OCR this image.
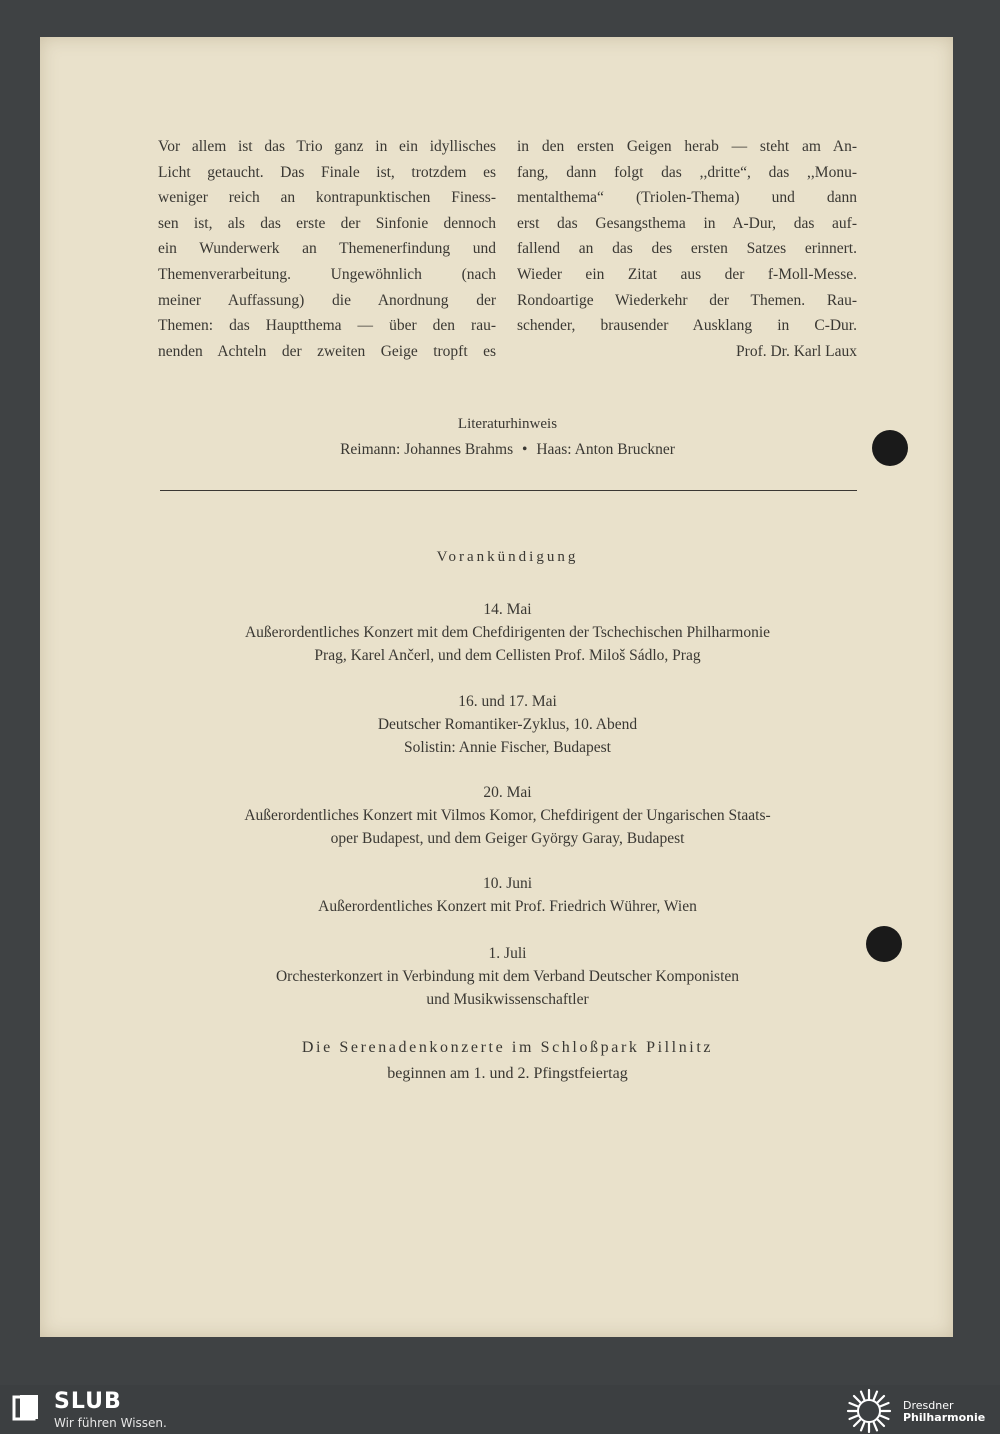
Vor allem ist das Trio ganz in ein idyllisches

Licht getaucht. Das Finale ist, trotzdem es

weniger reich an kontrapunktischen Finess-

sen ist, als das erste der Sinfonie dennoch

ein Wunderwerk an Themenerfindung und

Themenverarbeitung. Ungewöhnlich (nach

meiner Auffassung) die Anordnung der

Themen: das Hauptthema — über den rau-

nenden Achteln der zweiten Geige tropft es

in den ersten Geigen herab — steht am An-

fang, dann folgt das ,,dritte“, das ,,Monu-

mentalthema“ (Triolen-Thema) und dann

erst das Gesangsthema in A-Dur, das auf-

fallend an das des ersten Satzes erinnert.

Wieder ein Zitat aus der f-Moll-Messe.

Rondoartige Wiederkehr der Themen. Rau-

schender, brausender Ausklang in C-Dur.

Prof. Dr. Karl Laux

Literaturhinweis
Reimann: Johannes Brahms • Haas: Anton Bruckner
Vorankündigung
14. Mai
Außerordentliches Konzert mit dem Chefdirigenten der Tschechischen Philharmonie
Prag, Karel Ančerl, und dem Cellisten Prof. Miloš Sádlo, Prag
16. und 17. Mai
Deutscher Romantiker-Zyklus, 10. Abend
Solistin: Annie Fischer, Budapest
20. Mai
Außerordentliches Konzert mit Vilmos Komor, Chefdirigent der Ungarischen Staats-
oper Budapest, und dem Geiger György Garay, Budapest
10. Juni
Außerordentliches Konzert mit Prof. Friedrich Wührer, Wien
1. Juli
Orchesterkonzert in Verbindung mit dem Verband Deutscher Komponisten
und Musikwissenschaftler
Die Serenadenkonzerte im Schloßpark Pillnitz
beginnen am 1. und 2. Pfingstfeiertag
SLUB
Wir führen Wissen.
Dresdner
Philharmonie
